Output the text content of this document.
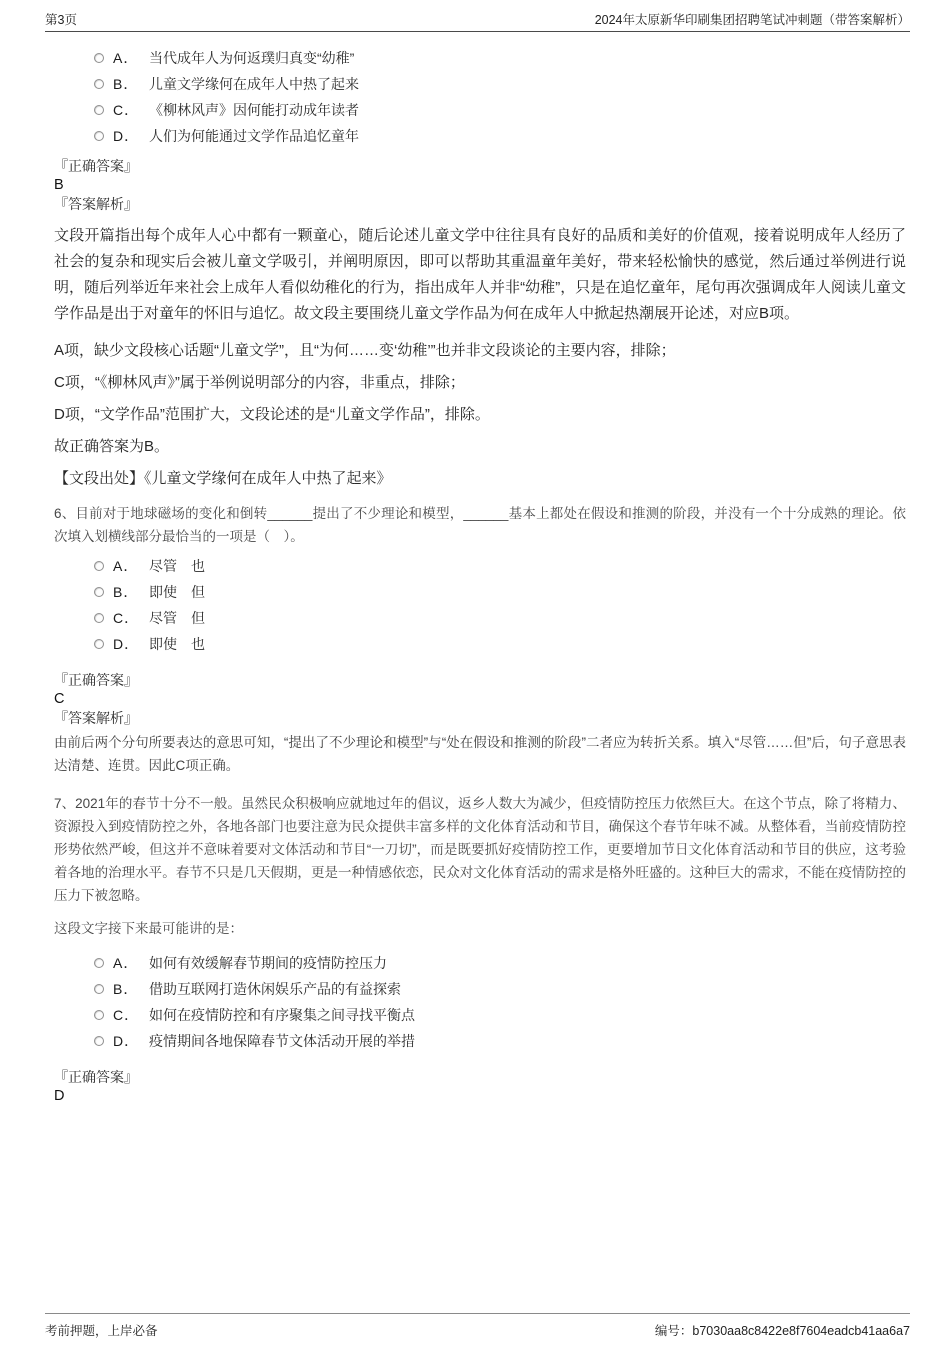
第3页	2024年太原新华印刷集团招聘笔试冲刺题（带答案解析）
A． 当代成年人为何返璞归真变“幼稚”
B． 儿童文学缘何在成年人中热了起来
C． 《柳林风声》因何能打动成年读者
D． 人们为何能通过文学作品追忆童年
『正确答案』
B
『答案解析』

文段开篇指出每个成年人心中都有一颗童心，随后论述儿童文学中往往具有良好的品质和美好的价值观，接着说明成年人经历了社会的复杂和现实后会被儿童文学吸引，并阐明原因，即可以帮助其重温童年美好，带来轻松愉快的感觉，然后通过举例进行说明，随后列举近年来社会上成年人看似幼稚化的行为，指出成年人并非“幼稚”，只是在追忆童年，尾句再次强调成年人阅读儿童文学作品是出于对童年的怀旧与追忆。故文段主要围绕儿童文学作品为何在成年人中掀起热潮展开论述，对应B项。

A项，缺少文段核心话题“儿童文学”，且“为何……变‘幼稚’”也并非文段谈论的主要内容，排除；

C项，“《柳林风声》”属于举例说明部分的内容，非重点，排除；

D项，“文学作品”范围扩大，文段论述的是“儿童文学作品”，排除。

故正确答案为B。

【文段出处】《儿童文学缘何在成年人中热了起来》

6、目前对于地球磁场的变化和倒转______提出了不少理论和模型，______基本上都处在假设和推测的阶段，并没有一个十分成熟的理论。依次填入划横线部分最恰当的一项是（　）。

A． 尽管　也
B． 即使　但
C． 尽管　但
D． 即使　也
『正确答案』
C
『答案解析』

由前后两个分句所要表达的意思可知，“提出了不少理论和模型”与“处在假设和推测的阶段”二者应为转折关系。填入“尽管……但”后，句子意思表达清楚、连贯。因此C项正确。

7、2021年的春节十分不一般。虽然民众积极响应就地过年的倡议，返乡人数大为减少，但疫情防控压力依然巨大。在这个节点，除了将精力、资源投入到疫情防控之外，各地各部门也要注意为民众提供丰富多样的文化体育活动和节目，确保这个春节年味不减。从整体看，当前疫情防控形势依然严峻，但这并不意味着要对文体活动和节目“一刀切”，而是既要抓好疫情防控工作，更要增加节日文化体育活动和节目的供应，这考验着各地的治理水平。春节不只是几天假期，更是一种情感依恋，民众对文化体育活动的需求是格外旺盛的。这种巨大的需求，不能在疫情防控的压力下被忽略。

这段文字接下来最可能讲的是：

A． 如何有效缓解春节期间的疫情防控压力
B． 借助互联网打造休闲娱乐产品的有益探索
C． 如何在疫情防控和有序聚集之间寻找平衡点
D． 疫情期间各地保障春节文体活动开展的举措
『正确答案』
D
考前押题，上岸必备	编号：b7030aa8c8422e8f7604eadcb41aa6a7
